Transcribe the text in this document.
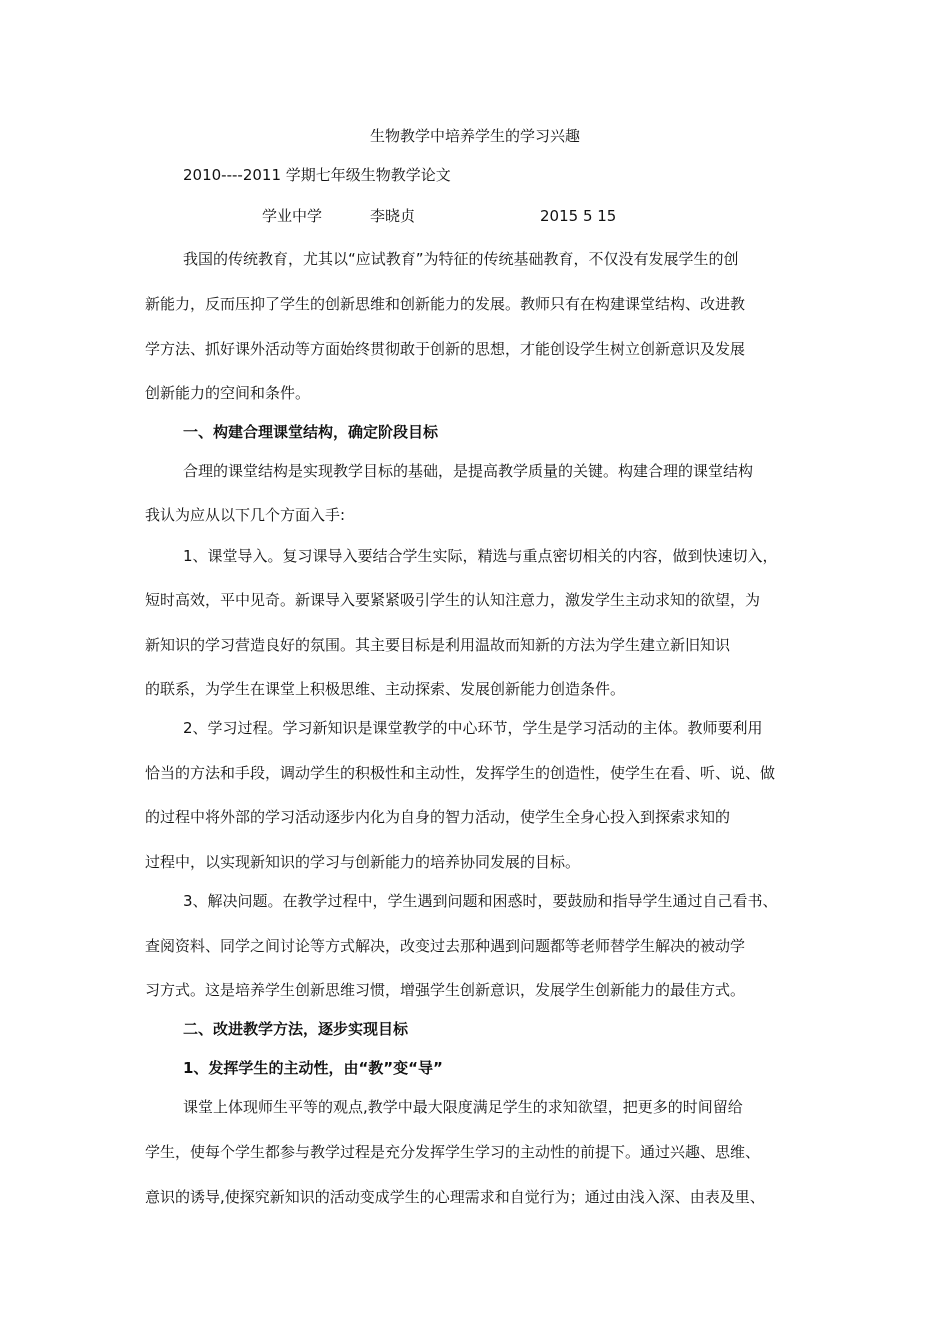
生物教学中培养学生的学习兴趣
2010----2011 学期七年级生物教学论文
学业中学	李晓贞	2015 5 15
我国的传统教育，尤其以“应试教育”为特征的传统基础教育，不仅没有发展学生的创
新能力，反而压抑了学生的创新思维和创新能力的发展。教师只有在构建课堂结构、改进教
学方法、抓好课外活动等方面始终贯彻敢于创新的思想，才能创设学生树立创新意识及发展
创新能力的空间和条件。
一、构建合理课堂结构，确定阶段目标
合理的课堂结构是实现教学目标的基础，是提高教学质量的关键。构建合理的课堂结构
我认为应从以下几个方面入手:
1、课堂导入。复习课导入要结合学生实际，精选与重点密切相关的内容，做到快速切入，
短时高效，平中见奇。新课导入要紧紧吸引学生的认知注意力，激发学生主动求知的欲望，为
新知识的学习营造良好的氛围。其主要目标是利用温故而知新的方法为学生建立新旧知识
的联系，为学生在课堂上积极思维、主动探索、发展创新能力创造条件。
2、学习过程。学习新知识是课堂教学的中心环节，学生是学习活动的主体。教师要利用
恰当的方法和手段，调动学生的积极性和主动性，发挥学生的创造性，使学生在看、听、说、做
的过程中将外部的学习活动逐步内化为自身的智力活动，使学生全身心投入到探索求知的
过程中，以实现新知识的学习与创新能力的培养协同发展的目标。
3、解决问题。在教学过程中，学生遇到问题和困惑时，要鼓励和指导学生通过自己看书、
查阅资料、同学之间讨论等方式解决，改变过去那种遇到问题都等老师替学生解决的被动学
习方式。这是培养学生创新思维习惯，增强学生创新意识，发展学生创新能力的最佳方式。
二、改进教学方法，逐步实现目标
1、发挥学生的主动性，由“教”变“导”
课堂上体现师生平等的观点,教学中最大限度满足学生的求知欲望，把更多的时间留给
学生，使每个学生都参与教学过程是充分发挥学生学习的主动性的前提下。通过兴趣、思维、
意识的诱导,使探究新知识的活动变成学生的心理需求和自觉行为；通过由浅入深、由表及里、
